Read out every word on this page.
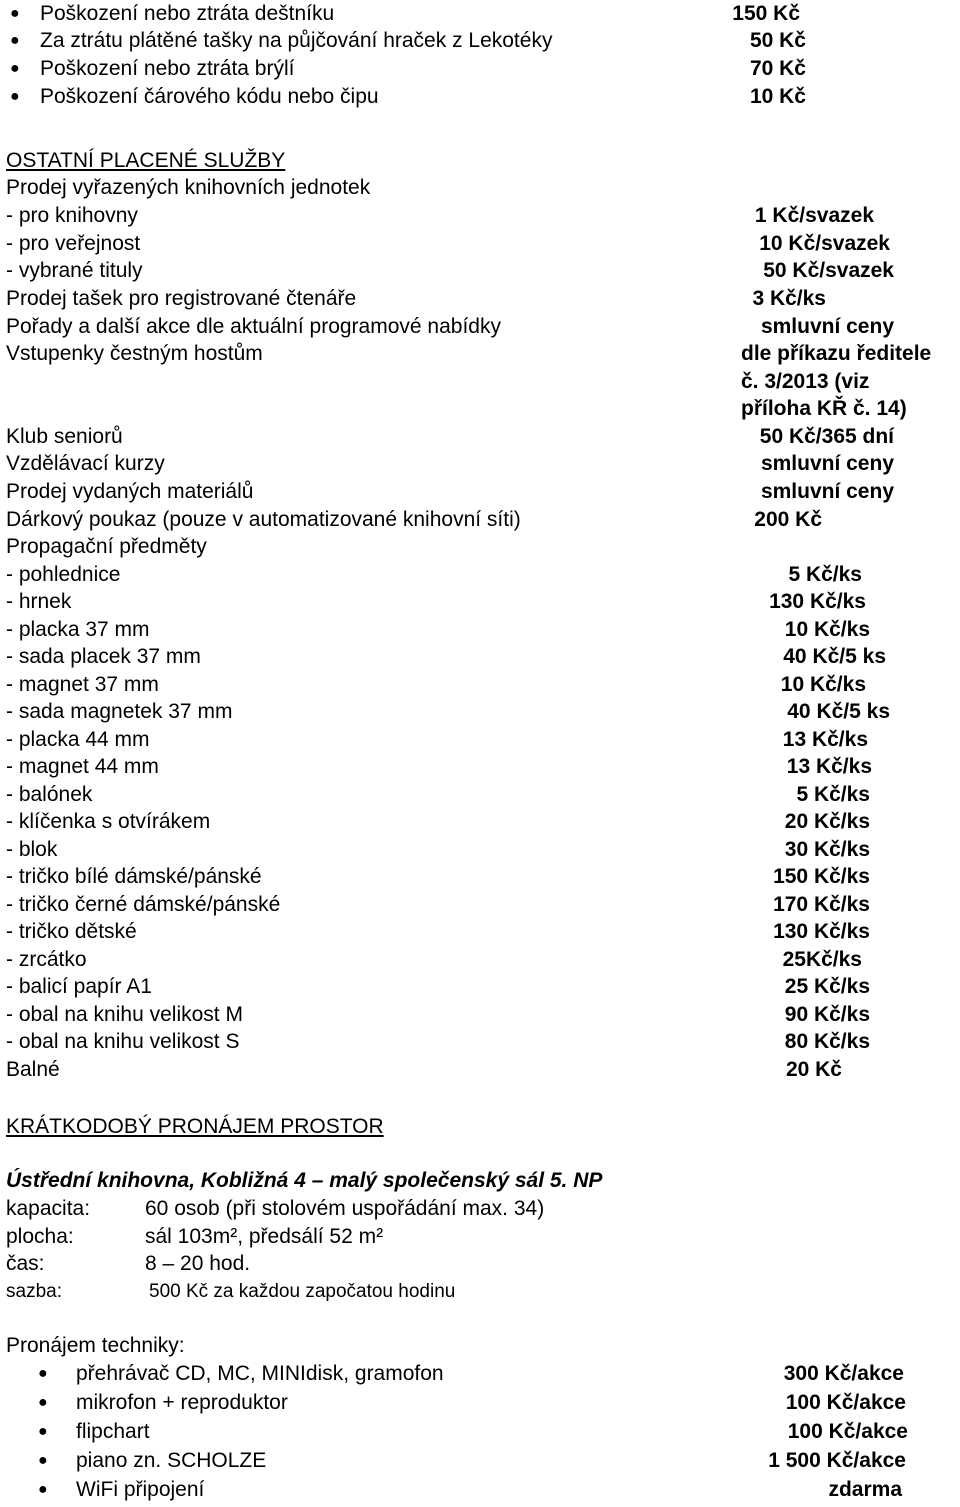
● Poškození nebo ztráta deštníku	150 Kč
● Za ztrátu plátěné tašky na půjčování hraček z Lekotéky	50 Kč
● Poškození nebo ztráta brýlí	70 Kč
● Poškození čárového kódu nebo čipu	10 Kč
OSTATNÍ PLACENÉ SLUŽBY
Prodej vyřazených knihovních jednotek
- pro knihovny	1 Kč/svazek
- pro veřejnost	10 Kč/svazek
- vybrané tituly	50 Kč/svazek
Prodej tašek pro registrované čtenáře	3 Kč/ks
Pořady a další akce dle aktuální programové nabídky	smluvní ceny
Vstupenky čestným hostům	dle příkazu ředitele
č. 3/2013 (viz
příloha KŘ č. 14)
Klub seniorů	50 Kč/365 dní
Vzdělávací kurzy	smluvní ceny
Prodej vydaných materiálů	smluvní ceny
Dárkový poukaz (pouze v automatizované knihovní síti)	200 Kč
Propagační předměty
- pohlednice	5 Kč/ks
- hrnek	130 Kč/ks
- placka 37 mm	10 Kč/ks
- sada placek 37 mm	40 Kč/5 ks
- magnet 37 mm	10 Kč/ks
- sada magnetek 37 mm	40 Kč/5 ks
- placka 44 mm	13 Kč/ks
- magnet 44 mm	13 Kč/ks
- balónek	5 Kč/ks
- klíčenka s otvírákem	20 Kč/ks
- blok	30 Kč/ks
- tričko bílé dámské/pánské	150 Kč/ks
- tričko černé dámské/pánské	170 Kč/ks
- tričko dětské	130 Kč/ks
- zrcátko	25Kč/ks
- balicí papír A1	25 Kč/ks
- obal na knihu velikost M	90 Kč/ks
- obal na knihu velikost S	80 Kč/ks
Balné	20 Kč
KRÁTKODOBÝ PRONÁJEM PROSTOR
Ústřední knihovna, Kobližná 4 – malý společenský sál 5. NP
kapacita:	60 osob (při stolovém uspořádání max. 34)
plocha:	sál 103m², předsálí 52 m²
čas:	8 – 20 hod.
sazba:	500 Kč za každou započatou hodinu
Pronájem techniky:
● přehrávač CD, MC, MINIdisk, gramofon	300 Kč/akce
● mikrofon + reproduktor	100 Kč/akce
● flipchart	100 Kč/akce
● piano zn. SCHOLZE	1 500 Kč/akce
● WiFi připojení	zdarma
